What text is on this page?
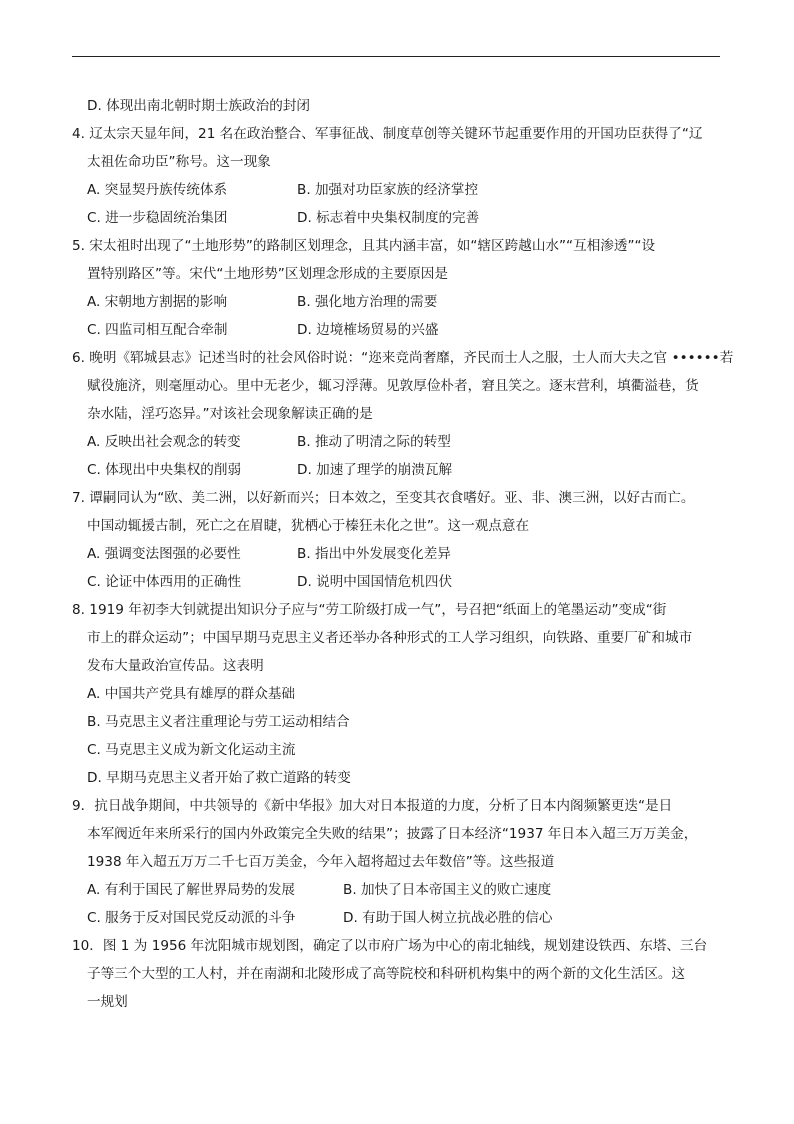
D. 体现出南北朝时期士族政治的封闭
4. 辽太宗天显年间，21 名在政治整合、军事征战、制度草创等关键环节起重要作用的开国功臣获得了“辽
太祖佐命功臣”称号。这一现象
A. 突显契丹族传统体系	B. 加强对功臣家族的经济掌控
C. 进一步稳固统治集团	D. 标志着中央集权制度的完善
5. 宋太祖时出现了“土地形势”的路制区划理念，且其内涵丰富，如“辖区跨越山水”“互相渗透”“设
置特别路区”等。宋代“土地形势”区划理念形成的主要原因是
A. 宋朝地方割据的影响	B. 强化地方治理的需要
C. 四监司相互配合牵制	D. 边境榷场贸易的兴盛
6. 晚明《郓城县志》记述当时的社会风俗时说：“迩来竞尚奢靡，齐民而士人之服，士人而大夫之官 ••••••若
赋役施济，则毫厘动心。里中无老少，辄习浮薄。见敦厚俭朴者，窘且笑之。逐末营利，填衢溢巷，货
杂水陆，淫巧恣异。”对该社会现象解读正确的是
A. 反映出社会观念的转变	B. 推动了明清之际的转型
C. 体现出中央集权的削弱	D. 加速了理学的崩溃瓦解
7. 谭嗣同认为“欧、美二洲，以好新而兴；日本效之，至变其衣食嗜好。亚、非、澳三洲，以好古而亡。
中国动辄援古制，死亡之在眉睫，犹栖心于榛狂未化之世”。这一观点意在
A. 强调变法图强的必要性	B. 指出中外发展变化差异
C. 论证中体西用的正确性	D. 说明中国国情危机四伏
8. 1919 年初李大钊就提出知识分子应与“劳工阶级打成一气”，号召把“纸面上的笔墨运动”变成“街
市上的群众运动”；中国早期马克思主义者还举办各种形式的工人学习组织，向铁路、重要厂矿和城市
发布大量政治宣传品。这表明
A. 中国共产党具有雄厚的群众基础
B. 马克思主义者注重理论与劳工运动相结合
C. 马克思主义成为新文化运动主流
D. 早期马克思主义者开始了救亡道路的转变
9．抗日战争期间，中共领导的《新中华报》加大对日本报道的力度，分析了日本内阁频繁更迭“是日
本军阀近年来所采行的国内外政策完全失败的结果”；披露了日本经济“1937 年日本入超三万万美金，
1938 年入超五万万二千七百万美金，今年入超将超过去年数倍”等。这些报道
A. 有利于国民了解世界局势的发展	B. 加快了日本帝国主义的败亡速度
C. 服务于反对国民党反动派的斗争	D. 有助于国人树立抗战必胜的信心
10．图 1 为 1956 年沈阳城市规划图，确定了以市府广场为中心的南北轴线，规划建设铁西、东塔、三台
子等三个大型的工人村，并在南湖和北陵形成了高等院校和科研机构集中的两个新的文化生活区。这
一规划
